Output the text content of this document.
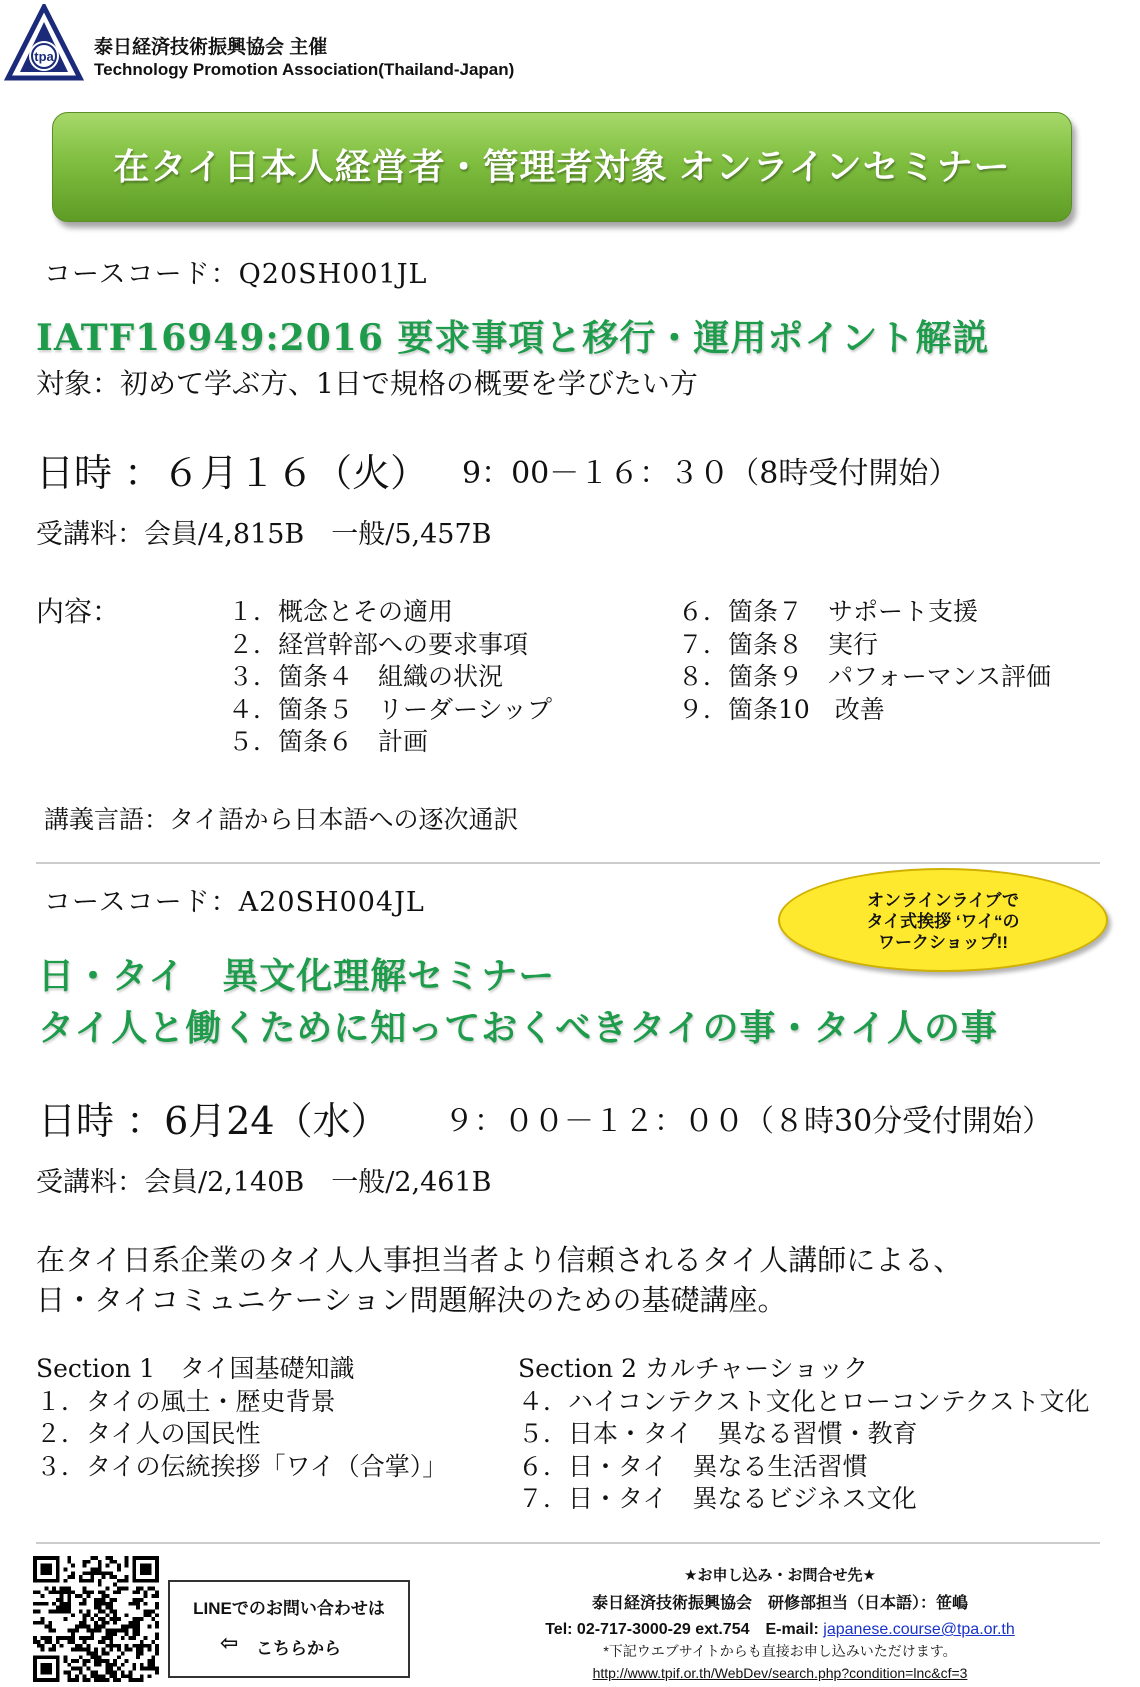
tpa 泰日経済技術振興協会 主催
Technology Promotion Association(Thailand-Japan)
在タイ日本人経営者・管理者対象 オンラインセミナー
コースコード：Q20SH001JL
IATF16949:2016 要求事項と移行・運用ポイント解説
対象：初めて学ぶ方、1日で規格の概要を学びたい方
日時 ：６月１６（火） 9：00－１６：３０（8時受付開始）
受講料：会員/4,815B　一般/5,457B
内容：	１．概念とその適用
２．経営幹部への要求事項
３．箇条４　組織の状況
４．箇条５　リーダーシップ
５．箇条６　計画
６．箇条７　サポート支援
７．箇条８　実行
８．箇条９　パフォーマンス評価
９．箇条10　改善
講義言語：タイ語から日本語への逐次通訳
コースコード：A20SH004JL	オンラインライブで
タイ式挨拶 ‘ワイ“の
ワークショップ!!
日・タイ　異文化理解セミナー
タイ人と働くために知っておくべきタイの事・タイ人の事
日時 ：6月24（水） ９：００－１２：００（８時30分受付開始）
受講料：会員/2,140B　一般/2,461B
在タイ日系企業のタイ人人事担当者より信頼されるタイ人講師による、
日・タイコミュニケーション問題解決のための基礎講座。
Section 1　タイ国基礎知識
１．タイの風土・歴史背景
２．タイ人の国民性
３．タイの伝統挨拶「ワイ（合掌）」
Section 2 カルチャーショック
４．ハイコンテクスト文化とローコンテクスト文化
５．日本・タイ　異なる習慣・教育
６．日・タイ　異なる生活習慣
７．日・タイ　異なるビジネス文化
LINEでのお問い合わせは
⇦ こちらから
★お申し込み・お問合せ先★
泰日経済技術振興協会　研修部担当（日本語）：笹嶋
Tel: 02-717-3000-29 ext.754　E-mail: japanese.course@tpa.or.th
*下記ウエブサイトからも直接お申し込みいただけます。
http://www.tpif.or.th/WebDev/search.php?condition=lnc&cf=3
